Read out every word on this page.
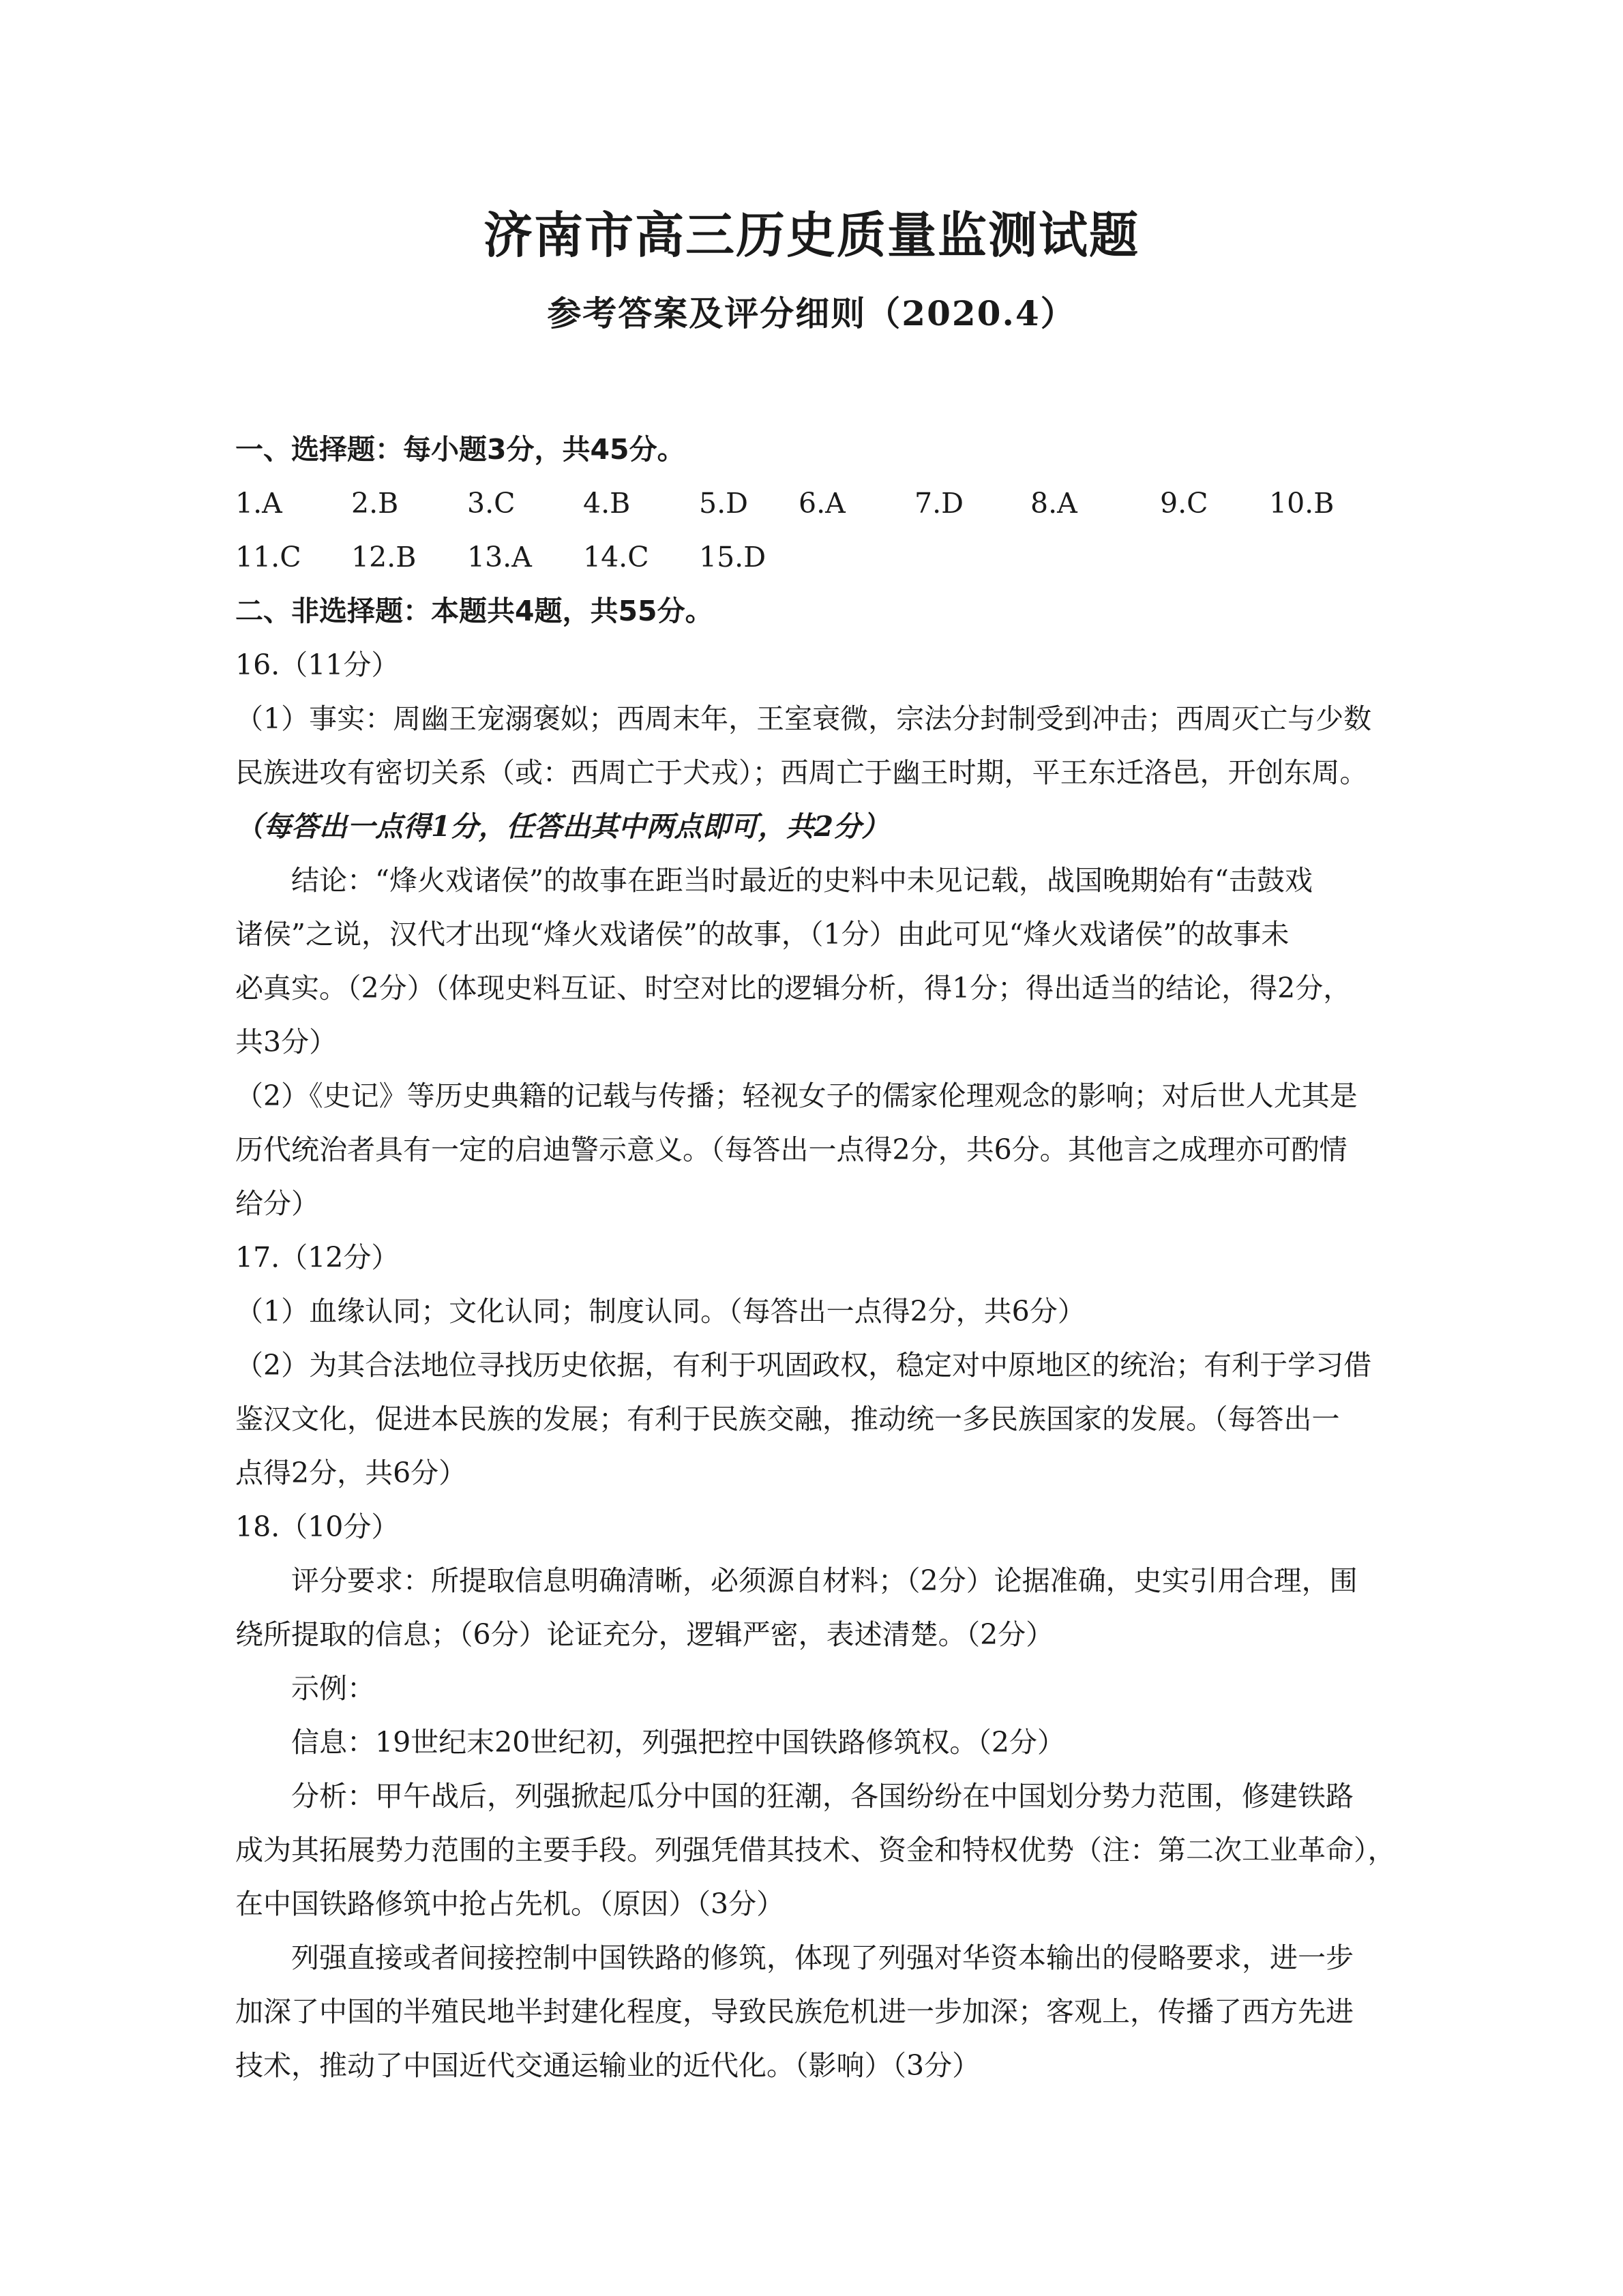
济南市高三历史质量监测试题
参考答案及评分细则（2020.4）
一、选择题：每小题3分，共45分。
1.A 2.B 3.C 4.B 5.D 6.A 7.D 8.A	9.C 10.B
11.C 12.B 13.A 14.C 15.D
二、非选择题：本题共4题，共55分。
16.（11分）
（1）事实：周幽王宠溺褒姒；西周末年，王室衰微，宗法分封制受到冲击；西周灭亡与少数
民族进攻有密切关系（或：西周亡于犬戎）；西周亡于幽王时期，平王东迁洛邑，开创东周。
（每答出一点得1分，任答出其中两点即可，共2分）
结论：“烽火戏诸侯”的故事在距当时最近的史料中未见记载，战国晚期始有“击鼓戏
诸侯”之说，汉代才出现“烽火戏诸侯”的故事，（1分）由此可见“烽火戏诸侯”的故事未
必真实。（2分）（体现史料互证、时空对比的逻辑分析，得1分；得出适当的结论，得2分，
共3分）
（2）《史记》等历史典籍的记载与传播；轻视女子的儒家伦理观念的影响；对后世人尤其是
历代统治者具有一定的启迪警示意义。（每答出一点得2分，共6分。其他言之成理亦可酌情
给分）
17.（12分）
（1）血缘认同；文化认同；制度认同。（每答出一点得2分，共6分）
（2）为其合法地位寻找历史依据，有利于巩固政权，稳定对中原地区的统治；有利于学习借
鉴汉文化，促进本民族的发展；有利于民族交融，推动统一多民族国家的发展。（每答出一
点得2分，共6分）
18.（10分）
评分要求：所提取信息明确清晰，必须源自材料；（2分）论据准确，史实引用合理，围
绕所提取的信息；（6分）论证充分，逻辑严密，表述清楚。（2分）
示例：
信息：19世纪末20世纪初，列强把控中国铁路修筑权。（2分）
分析：甲午战后，列强掀起瓜分中国的狂潮，各国纷纷在中国划分势力范围，修建铁路
成为其拓展势力范围的主要手段。列强凭借其技术、资金和特权优势（注：第二次工业革命），
在中国铁路修筑中抢占先机。（原因）（3分）
列强直接或者间接控制中国铁路的修筑，体现了列强对华资本输出的侵略要求，进一步
加深了中国的半殖民地半封建化程度，导致民族危机进一步加深；客观上，传播了西方先进
技术，推动了中国近代交通运输业的近代化。（影响）（3分）
